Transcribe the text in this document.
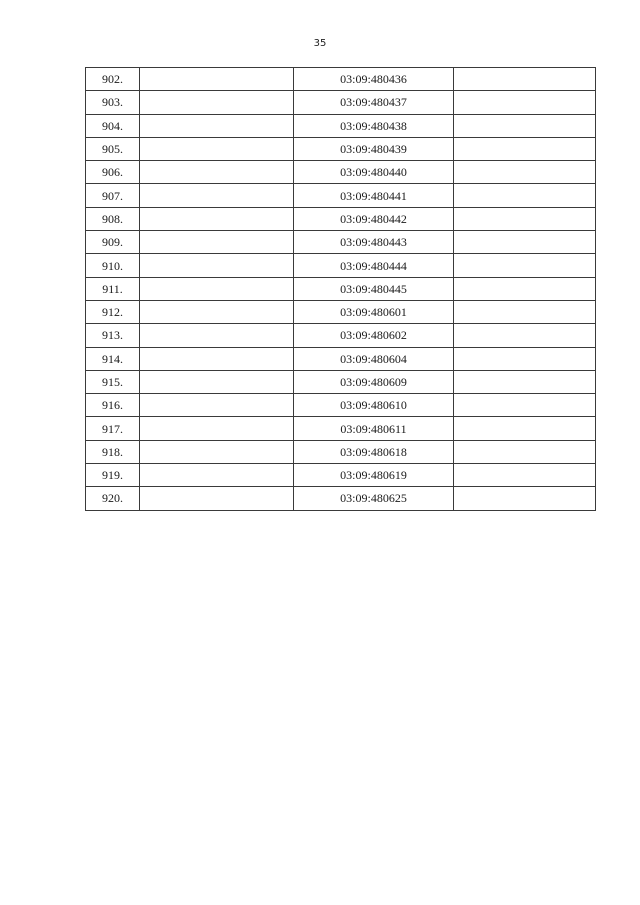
35
902.		03:09:480436	
903.		03:09:480437	
904.		03:09:480438	
905.		03:09:480439	
906.		03:09:480440	
907.		03:09:480441	
908.		03:09:480442	
909.		03:09:480443	
910.		03:09:480444	
911.		03:09:480445	
912.		03:09:480601	
913.		03:09:480602	
914.		03:09:480604	
915.		03:09:480609	
916.		03:09:480610	
917.		03:09:480611	
918.		03:09:480618	
919.		03:09:480619	
920.		03:09:480625	
